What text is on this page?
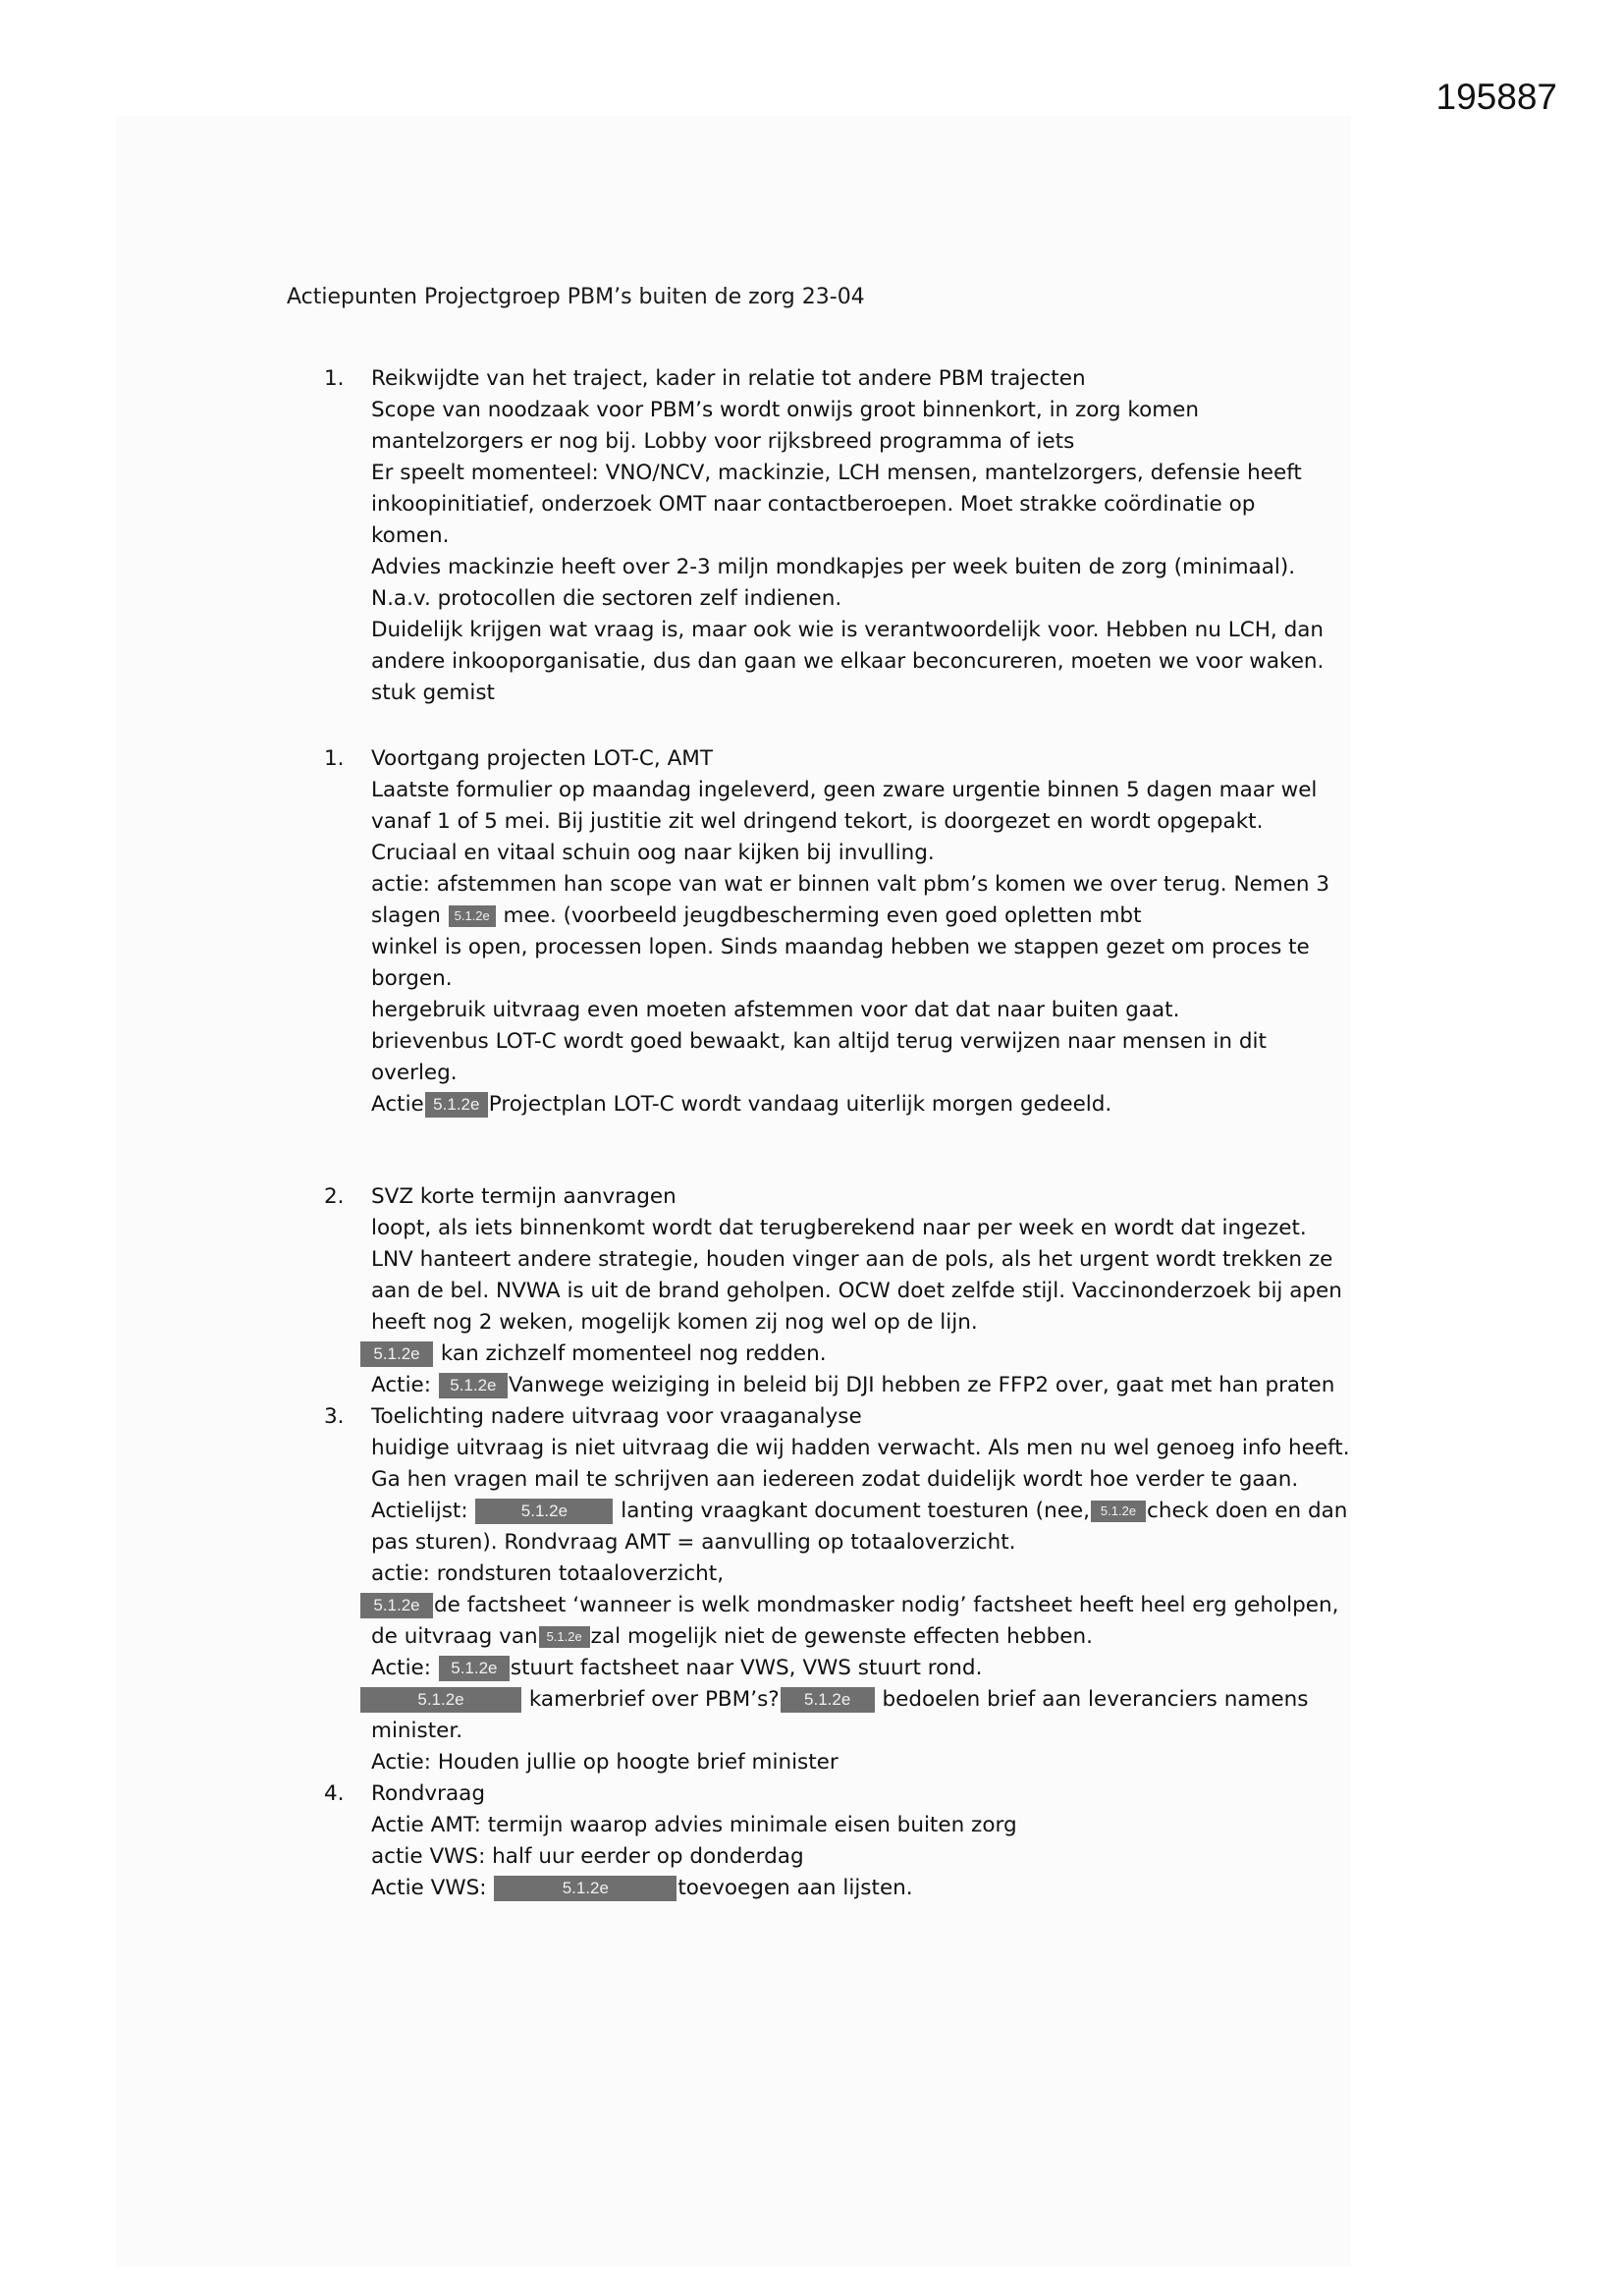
195887
Actiepunten Projectgroep PBM’s buiten de zorg 23-04
1.	Reikwijdte van het traject, kader in relatie tot andere PBM trajecten
Scope van noodzaak voor PBM’s wordt onwijs groot binnenkort, in zorg komen
mantelzorgers er nog bij. Lobby voor rijksbreed programma of iets
Er speelt momenteel: VNO/NCV, mackinzie, LCH mensen, mantelzorgers, defensie heeft
inkoopinitiatief, onderzoek OMT naar contactberoepen. Moet strakke coördinatie op
komen.
Advies mackinzie heeft over 2-3 miljn mondkapjes per week buiten de zorg (minimaal).
N.a.v. protocollen die sectoren zelf indienen.
Duidelijk krijgen wat vraag is, maar ook wie is verantwoordelijk voor. Hebben nu LCH, dan
andere inkooporganisatie, dus dan gaan we elkaar beconcureren, moeten we voor waken.
stuk gemist
1.	Voortgang projecten LOT-C, AMT
Laatste formulier op maandag ingeleverd, geen zware urgentie binnen 5 dagen maar wel
vanaf 1 of 5 mei. Bij justitie zit wel dringend tekort, is doorgezet en wordt opgepakt.
Cruciaal en vitaal schuin oog naar kijken bij invulling.
actie: afstemmen han scope van wat er binnen valt pbm’s komen we over terug. Nemen 3
slagen 5.1.2e mee. (voorbeeld jeugdbescherming even goed opletten mbt
winkel is open, processen lopen. Sinds maandag hebben we stappen gezet om proces te
borgen.
hergebruik uitvraag even moeten afstemmen voor dat dat naar buiten gaat.
brievenbus LOT-C wordt goed bewaakt, kan altijd terug verwijzen naar mensen in dit
overleg.
Actie 5.1.2e Projectplan LOT-C wordt vandaag uiterlijk morgen gedeeld.
2.	SVZ korte termijn aanvragen
loopt, als iets binnenkomt wordt dat terugberekend naar per week en wordt dat ingezet.
LNV hanteert andere strategie, houden vinger aan de pols, als het urgent wordt trekken ze
aan de bel. NVWA is uit de brand geholpen. OCW doet zelfde stijl. Vaccinonderzoek bij apen
heeft nog 2 weken, mogelijk komen zij nog wel op de lijn.
5.1.2e kan zichzelf momenteel nog redden.
Actie: 5.1.2e Vanwege weiziging in beleid bij DJI hebben ze FFP2 over, gaat met han praten
3.	Toelichting nadere uitvraag voor vraaganalyse
huidige uitvraag is niet uitvraag die wij hadden verwacht. Als men nu wel genoeg info heeft.
Ga hen vragen mail te schrijven aan iedereen zodat duidelijk wordt hoe verder te gaan.
Actielijst:	5.1.2e	lanting vraagkant document toesturen (nee, 5.1.2e check doen en dan
pas sturen). Rondvraag AMT = aanvulling op totaaloverzicht.
actie: rondsturen totaaloverzicht,
5.1.2e de factsheet ‘wanneer is welk mondmasker nodig’ factsheet heeft heel erg geholpen,
de uitvraag van 5.1.2e zal mogelijk niet de gewenste effecten hebben.
Actie: 5.1.2e stuurt factsheet naar VWS, VWS stuurt rond.
5.1.2e	kamerbrief over PBM’s? 5.1.2e bedoelen brief aan leveranciers namens
minister.
Actie: Houden jullie op hoogte brief minister
4.	Rondvraag
Actie AMT: termijn waarop advies minimale eisen buiten zorg
actie VWS: half uur eerder op donderdag
Actie VWS:	5.1.2e	toevoegen aan lijsten.
